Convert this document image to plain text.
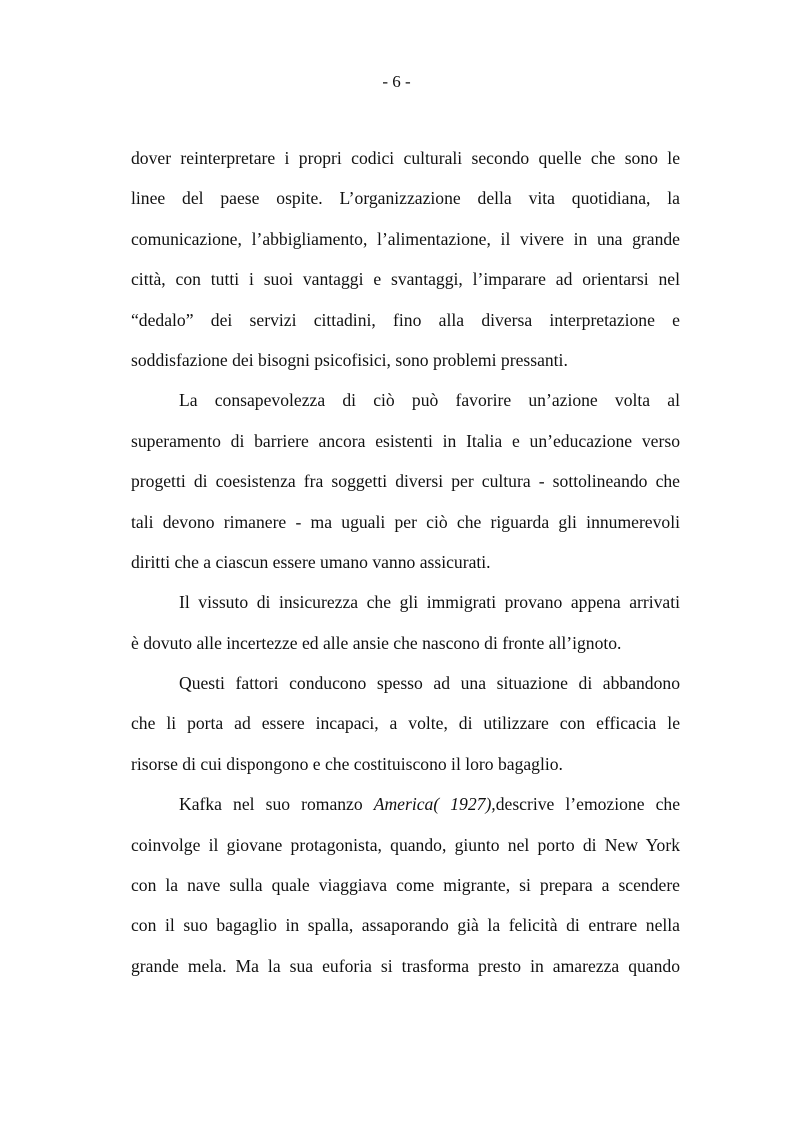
- 6 -
dover reinterpretare i propri codici culturali secondo quelle che sono le
linee del paese ospite. L’organizzazione della vita quotidiana, la
comunicazione, l’abbigliamento, l’alimentazione, il vivere in una grande
città, con tutti i suoi vantaggi e svantaggi, l’imparare ad orientarsi nel
“dedalo” dei servizi cittadini, fino alla diversa interpretazione e
soddisfazione dei bisogni psicofisici, sono problemi pressanti.
La consapevolezza di ciò può favorire un’azione volta al
superamento di barriere ancora esistenti in Italia e un’educazione verso
progetti di coesistenza fra soggetti diversi per cultura - sottolineando che
tali devono rimanere - ma uguali per ciò che riguarda gli innumerevoli
diritti che a ciascun essere umano vanno assicurati.
Il vissuto di insicurezza che gli immigrati provano appena arrivati
è dovuto alle incertezze ed alle ansie che nascono di fronte all’ignoto.
Questi fattori conducono spesso ad una situazione di abbandono
che li porta ad essere incapaci, a volte, di utilizzare con efficacia le
risorse di cui dispongono e che costituiscono il loro bagaglio.
Kafka nel suo romanzo America( 1927),descrive l’emozione che
coinvolge il giovane protagonista, quando, giunto nel porto di New York
con la nave sulla quale viaggiava come migrante, si prepara a scendere
con il suo bagaglio in spalla, assaporando già la felicità di entrare nella
grande mela. Ma la sua euforia si trasforma presto in amarezza quando
